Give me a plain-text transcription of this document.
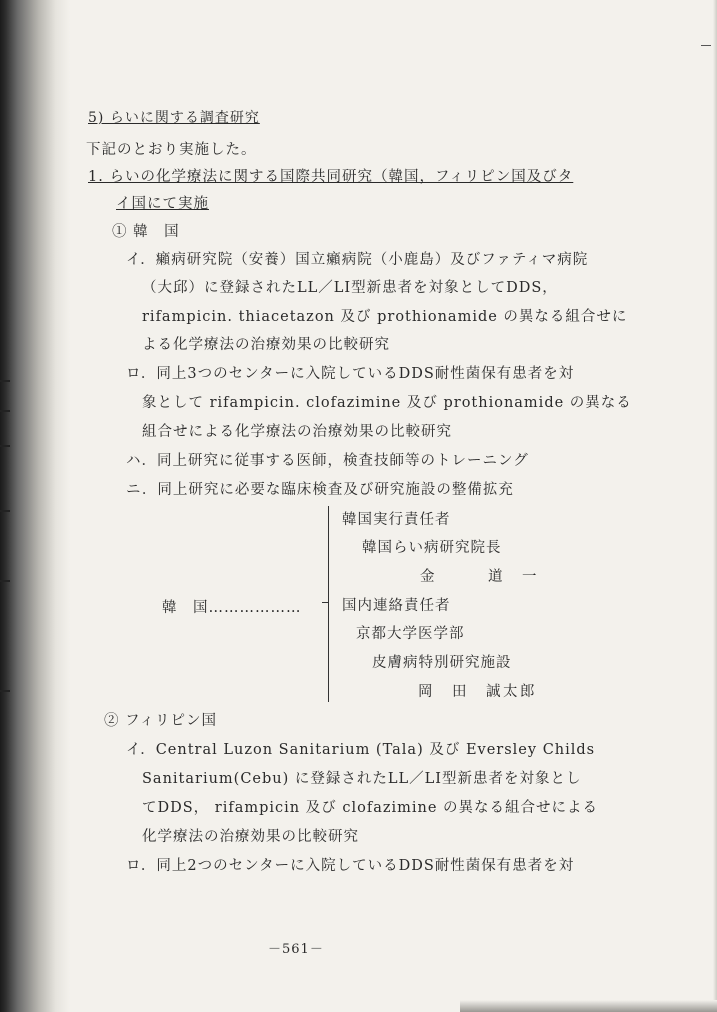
5) らいに関する調査研究
下記のとおり実施した。
1. らいの化学療法に関する国際共同研究（韓国，フィリピン国及びタ
イ国にて実施
① 韓　国
イ．癩病研究院（安養）国立癩病院（小鹿島）及びファティマ病院
（大邱）に登録されたLL／LI型新患者を対象としてDDS，
rifampicin. thiacetazon 及び prothionamide の異なる組合せに
よる化学療法の治療効果の比較研究
ロ．同上3つのセンターに入院しているDDS耐性菌保有患者を対
象として rifampicin. clofazimine 及び prothionamide の異なる
組合せによる化学療法の治療効果の比較研究
ハ．同上研究に従事する医師，検査技師等のトレーニング
ニ．同上研究に必要な臨床検査及び研究施設の整備拡充
韓　国………………
韓国実行責任者
韓国らい病研究院長
金　　　道　一
国内連絡責任者
京都大学医学部
皮膚病特別研究施設
岡　田　誠太郎
② フィリピン国
イ．Central Luzon Sanitarium (Tala) 及び Eversley Childs
Sanitarium(Cebu) に登録されたLL／LI型新患者を対象とし
てDDS， rifampicin 及び clofazimine の異なる組合せによる
化学療法の治療効果の比較研究
ロ．同上2つのセンターに入院しているDDS耐性菌保有患者を対
－561－
